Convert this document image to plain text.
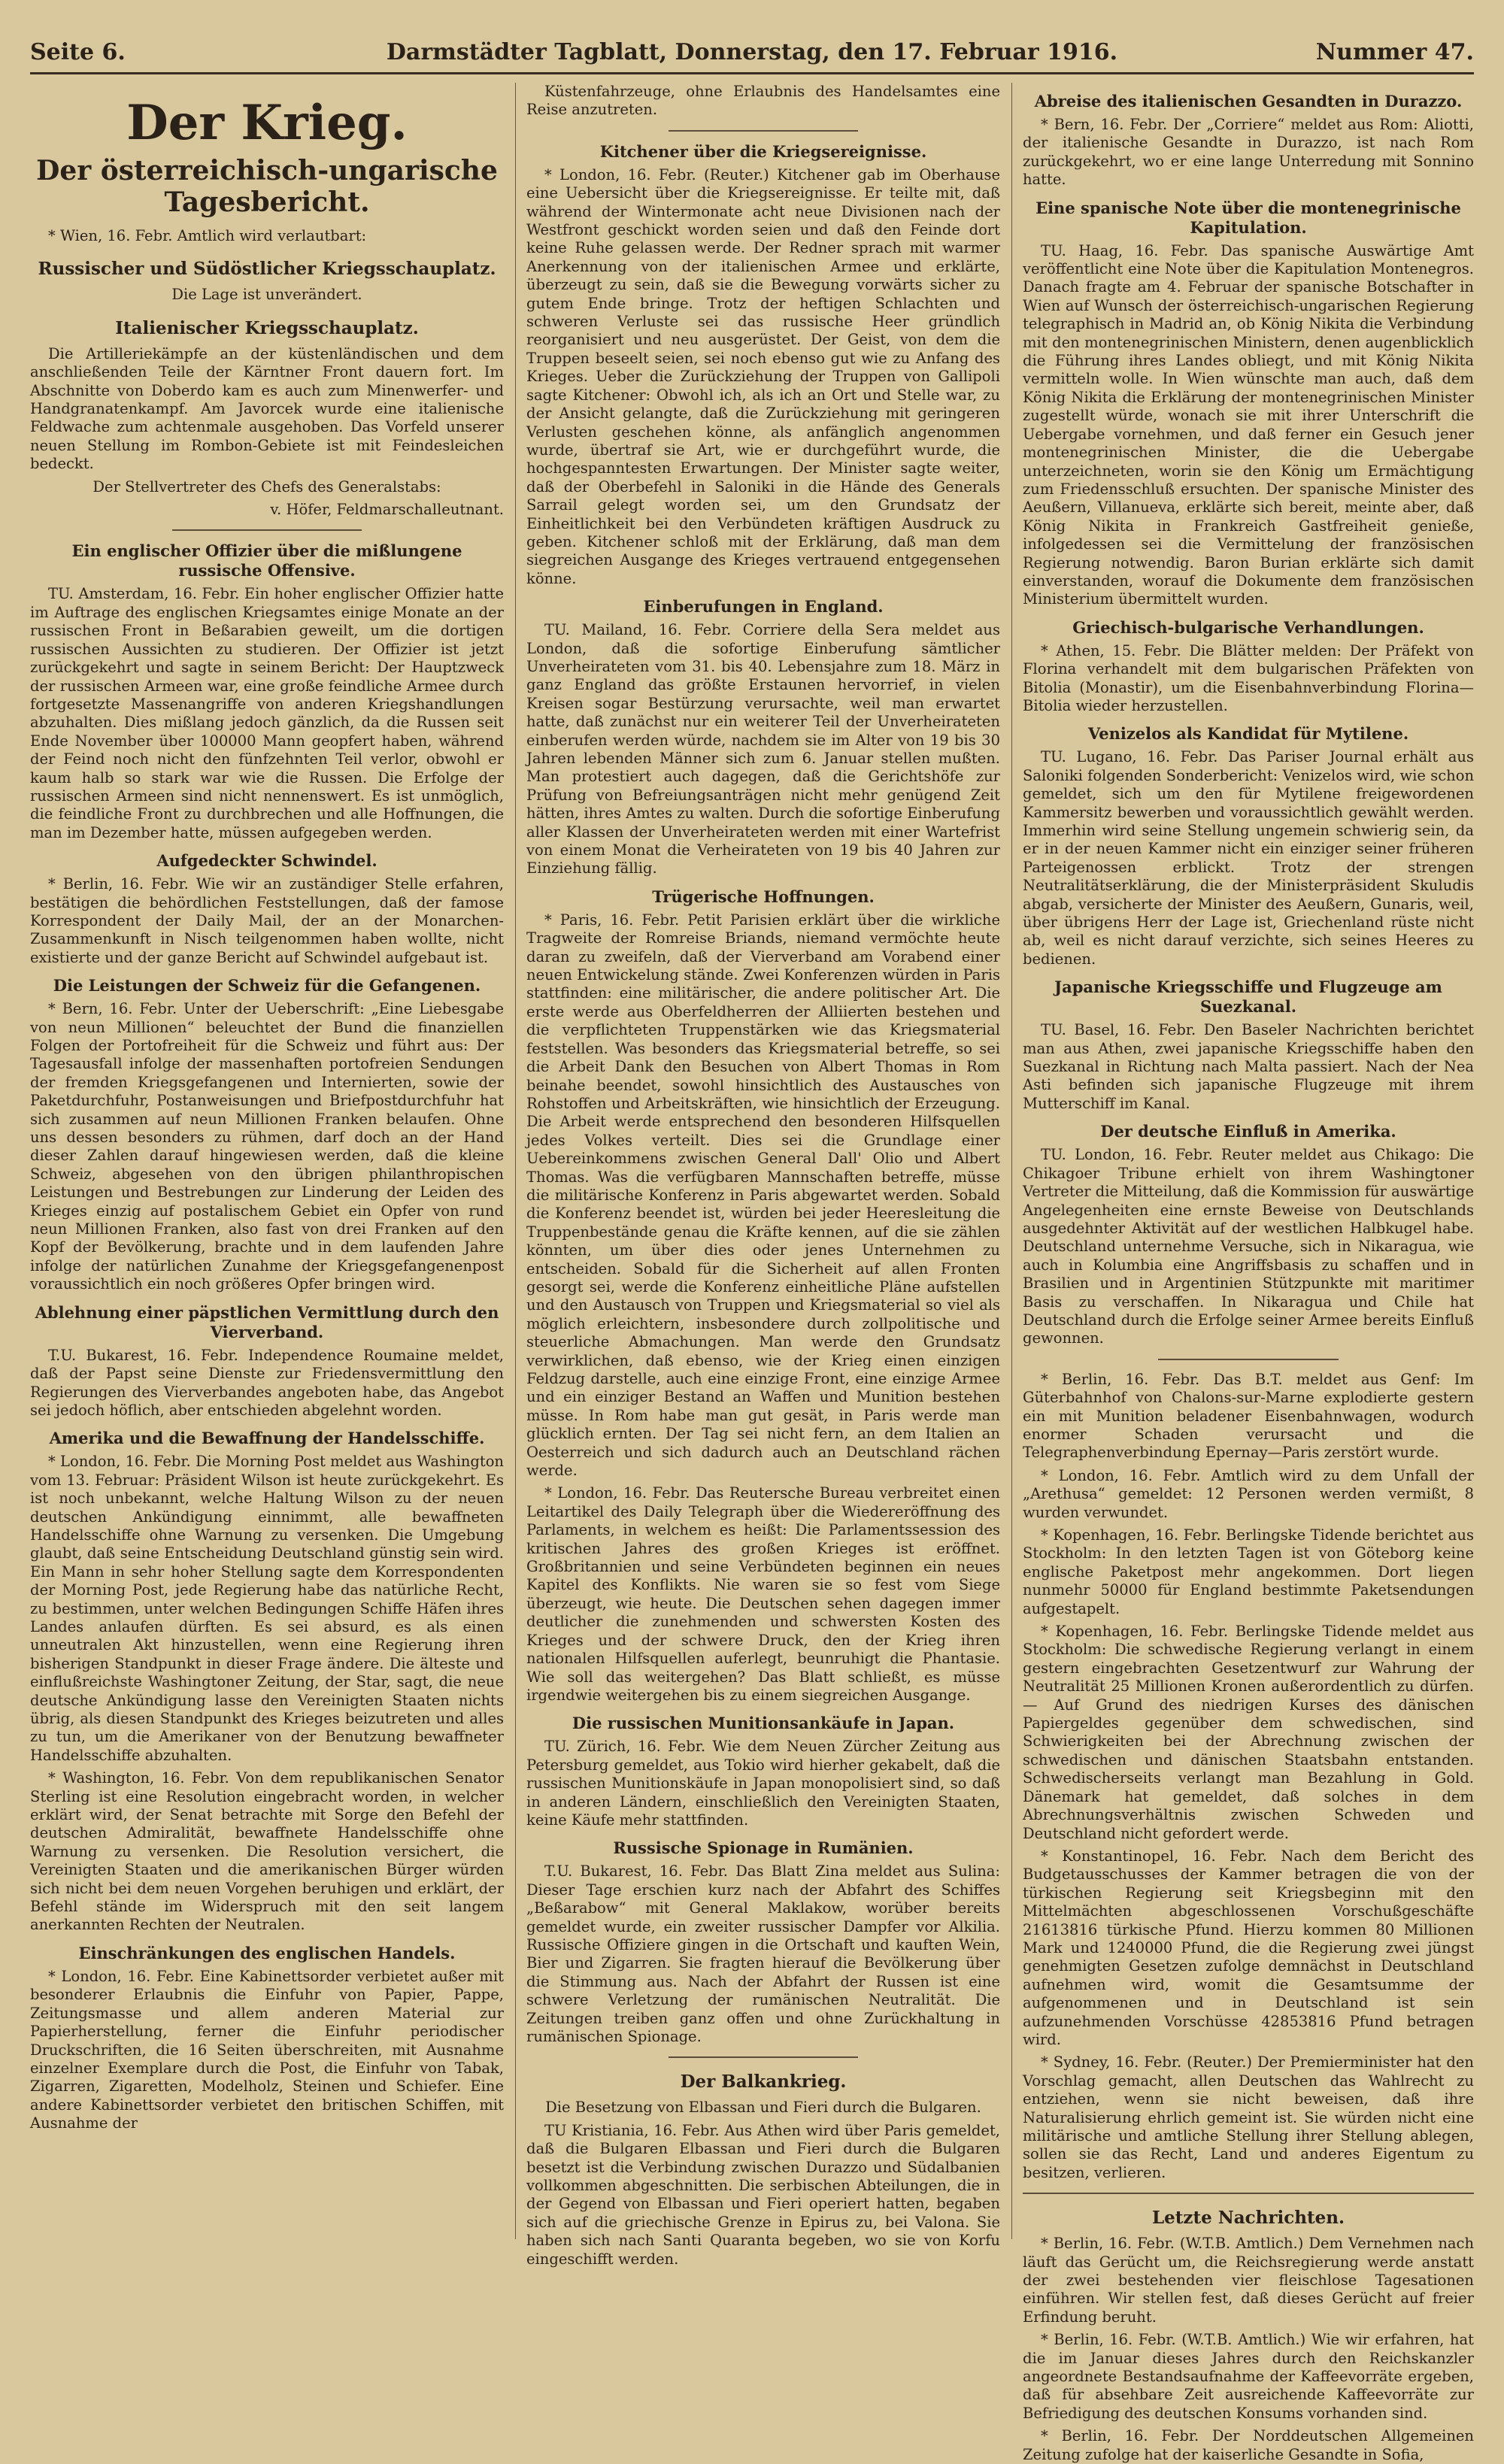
Seite 6.	Darmstädter Tagblatt, Donnerstag, den 17. Februar 1916.	Nummer 47.
Der Krieg.
Der österreichisch-ungarische Tagesbericht.

* Wien, 16. Febr. Amtlich wird verlautbart:

Russischer und Südöstlicher Kriegsschauplatz.

Die Lage ist unverändert.

Italienischer Kriegsschauplatz.

Die Artilleriekämpfe an der küstenländischen und dem anschließenden Teile der Kärntner Front dauern fort. Im Abschnitte von Doberdo kam es auch zum Minenwerfer- und Handgranatenkampf. Am Javorcek wurde eine italienische Feldwache zum achtenmale ausgehoben. Das Vorfeld unserer neuen Stellung im Rombon-Gebiete ist mit Feindesleichen bedeckt.

Der Stellvertreter des Chefs des Generalstabs:

v. Höfer, Feldmarschalleutnant.

Ein englischer Offizier über die mißlungene russische Offensive.

TU. Amsterdam, 16. Febr. Ein hoher englischer Offizier hatte im Auftrage des englischen Kriegsamtes einige Monate an der russischen Front in Beßarabien geweilt, um die dortigen russischen Aussichten zu studieren. Der Offizier ist jetzt zurückgekehrt und sagte in seinem Bericht: Der Hauptzweck der russischen Armeen war, eine große feindliche Armee durch fortgesetzte Massenangriffe von anderen Kriegshandlungen abzuhalten. Dies mißlang jedoch gänzlich, da die Russen seit Ende November über 100000 Mann geopfert haben, während der Feind noch nicht den fünfzehnten Teil verlor, obwohl er kaum halb so stark war wie die Russen. Die Erfolge der russischen Armeen sind nicht nennenswert. Es ist unmöglich, die feindliche Front zu durchbrechen und alle Hoffnungen, die man im Dezember hatte, müssen aufgegeben werden.

Aufgedeckter Schwindel.

* Berlin, 16. Febr. Wie wir an zuständiger Stelle erfahren, bestätigen die behördlichen Feststellungen, daß der famose Korrespondent der Daily Mail, der an der Monarchen-Zusammenkunft in Nisch teilgenommen haben wollte, nicht existierte und der ganze Bericht auf Schwindel aufgebaut ist.

Die Leistungen der Schweiz für die Gefangenen.

* Bern, 16. Febr. Unter der Ueberschrift: „Eine Liebesgabe von neun Millionen“ beleuchtet der Bund die finanziellen Folgen der Portofreiheit für die Schweiz und führt aus: Der Tagesausfall infolge der massenhaften portofreien Sendungen der fremden Kriegsgefangenen und Internierten, sowie der Paketdurchfuhr, Postanweisungen und Briefpostdurchfuhr hat sich zusammen auf neun Millionen Franken belaufen. Ohne uns dessen besonders zu rühmen, darf doch an der Hand dieser Zahlen darauf hingewiesen werden, daß die kleine Schweiz, abgesehen von den übrigen philanthropischen Leistungen und Bestrebungen zur Linderung der Leiden des Krieges einzig auf postalischem Gebiet ein Opfer von rund neun Millionen Franken, also fast von drei Franken auf den Kopf der Bevölkerung, brachte und in dem laufenden Jahre infolge der natürlichen Zunahme der Kriegsgefangenenpost voraussichtlich ein noch größeres Opfer bringen wird.

Ablehnung einer päpstlichen Vermittlung durch den Vierverband.

T.U. Bukarest, 16. Febr. Independence Roumaine meldet, daß der Papst seine Dienste zur Friedensvermittlung den Regierungen des Vierverbandes angeboten habe, das Angebot sei jedoch höflich, aber entschieden abgelehnt worden.

Amerika und die Bewaffnung der Handelsschiffe.

* London, 16. Febr. Die Morning Post meldet aus Washington vom 13. Februar: Präsident Wilson ist heute zurückgekehrt. Es ist noch unbekannt, welche Haltung Wilson zu der neuen deutschen Ankündigung einnimmt, alle bewaffneten Handelsschiffe ohne Warnung zu versenken. Die Umgebung glaubt, daß seine Entscheidung Deutschland günstig sein wird. Ein Mann in sehr hoher Stellung sagte dem Korrespondenten der Morning Post, jede Regierung habe das natürliche Recht, zu bestimmen, unter welchen Bedingungen Schiffe Häfen ihres Landes anlaufen dürften. Es sei absurd, es als einen unneutralen Akt hinzustellen, wenn eine Regierung ihren bisherigen Standpunkt in dieser Frage ändere. Die älteste und einflußreichste Washingtoner Zeitung, der Star, sagt, die neue deutsche Ankündigung lasse den Vereinigten Staaten nichts übrig, als diesen Standpunkt des Krieges beizutreten und alles zu tun, um die Amerikaner von der Benutzung bewaffneter Handelsschiffe abzuhalten.

* Washington, 16. Febr. Von dem republikanischen Senator Sterling ist eine Resolution eingebracht worden, in welcher erklärt wird, der Senat betrachte mit Sorge den Befehl der deutschen Admiralität, bewaffnete Handelsschiffe ohne Warnung zu versenken. Die Resolution versichert, die Vereinigten Staaten und die amerikanischen Bürger würden sich nicht bei dem neuen Vorgehen beruhigen und erklärt, der Befehl stände im Widerspruch mit den seit langem anerkannten Rechten der Neutralen.

Einschränkungen des englischen Handels.

* London, 16. Febr. Eine Kabinettsorder verbietet außer mit besonderer Erlaubnis die Einfuhr von Papier, Pappe, Zeitungsmasse und allem anderen Material zur Papierherstellung, ferner die Einfuhr periodischer Druckschriften, die 16 Seiten überschreiten, mit Ausnahme einzelner Exemplare durch die Post, die Einfuhr von Tabak, Zigarren, Zigaretten, Modelholz, Steinen und Schiefer. Eine andere Kabinettsorder verbietet den britischen Schiffen, mit Ausnahme der

Küstenfahrzeuge, ohne Erlaubnis des Handelsamtes eine Reise anzutreten.

Kitchener über die Kriegsereignisse.

* London, 16. Febr. (Reuter.) Kitchener gab im Oberhause eine Uebersicht über die Kriegsereignisse. Er teilte mit, daß während der Wintermonate acht neue Divisionen nach der Westfront geschickt worden seien und daß den Feinde dort keine Ruhe gelassen werde. Der Redner sprach mit warmer Anerkennung von der italienischen Armee und erklärte, überzeugt zu sein, daß sie die Bewegung vorwärts sicher zu gutem Ende bringe. Trotz der heftigen Schlachten und schweren Verluste sei das russische Heer gründlich reorganisiert und neu ausgerüstet. Der Geist, von dem die Truppen beseelt seien, sei noch ebenso gut wie zu Anfang des Krieges. Ueber die Zurückziehung der Truppen von Gallipoli sagte Kitchener: Obwohl ich, als ich an Ort und Stelle war, zu der Ansicht gelangte, daß die Zurückziehung mit geringeren Verlusten geschehen könne, als anfänglich angenommen wurde, übertraf sie Art, wie er durchgeführt wurde, die hochgespanntesten Erwartungen. Der Minister sagte weiter, daß der Oberbefehl in Saloniki in die Hände des Generals Sarrail gelegt worden sei, um den Grundsatz der Einheitlichkeit bei den Verbündeten kräftigen Ausdruck zu geben. Kitchener schloß mit der Erklärung, daß man dem siegreichen Ausgange des Krieges vertrauend entgegensehen könne.

Einberufungen in England.

TU. Mailand, 16. Febr. Corriere della Sera meldet aus London, daß die sofortige Einberufung sämtlicher Unverheirateten vom 31. bis 40. Lebensjahre zum 18. März in ganz England das größte Erstaunen hervorrief, in vielen Kreisen sogar Bestürzung verursachte, weil man erwartet hatte, daß zunächst nur ein weiterer Teil der Unverheirateten einberufen werden würde, nachdem sie im Alter von 19 bis 30 Jahren lebenden Männer sich zum 6. Januar stellen mußten. Man protestiert auch dagegen, daß die Gerichtshöfe zur Prüfung von Befreiungsanträgen nicht mehr genügend Zeit hätten, ihres Amtes zu walten. Durch die sofortige Einberufung aller Klassen der Unverheirateten werden mit einer Wartefrist von einem Monat die Verheirateten von 19 bis 40 Jahren zur Einziehung fällig.

Trügerische Hoffnungen.

* Paris, 16. Febr. Petit Parisien erklärt über die wirkliche Tragweite der Romreise Briands, niemand vermöchte heute daran zu zweifeln, daß der Vierverband am Vorabend einer neuen Entwickelung stände. Zwei Konferenzen würden in Paris stattfinden: eine militärischer, die andere politischer Art. Die erste werde aus Oberfeldherren der Alliierten bestehen und die verpflichteten Truppenstärken wie das Kriegsmaterial feststellen. Was besonders das Kriegsmaterial betreffe, so sei die Arbeit Dank den Besuchen von Albert Thomas in Rom beinahe beendet, sowohl hinsichtlich des Austausches von Rohstoffen und Arbeitskräften, wie hinsichtlich der Erzeugung. Die Arbeit werde entsprechend den besonderen Hilfsquellen jedes Volkes verteilt. Dies sei die Grundlage einer Uebereinkommens zwischen General Dall' Olio und Albert Thomas. Was die verfügbaren Mannschaften betreffe, müsse die militärische Konferenz in Paris abgewartet werden. Sobald die Konferenz beendet ist, würden bei jeder Heeresleitung die Truppenbestände genau die Kräfte kennen, auf die sie zählen könnten, um über dies oder jenes Unternehmen zu entscheiden. Sobald für die Sicherheit auf allen Fronten gesorgt sei, werde die Konferenz einheitliche Pläne aufstellen und den Austausch von Truppen und Kriegsmaterial so viel als möglich erleichtern, insbesondere durch zollpolitische und steuerliche Abmachungen. Man werde den Grundsatz verwirklichen, daß ebenso, wie der Krieg einen einzigen Feldzug darstelle, auch eine einzige Front, eine einzige Armee und ein einziger Bestand an Waffen und Munition bestehen müsse. In Rom habe man gut gesät, in Paris werde man glücklich ernten. Der Tag sei nicht fern, an dem Italien an Oesterreich und sich dadurch auch an Deutschland rächen werde.

* London, 16. Febr. Das Reutersche Bureau verbreitet einen Leitartikel des Daily Telegraph über die Wiedereröffnung des Parlaments, in welchem es heißt: Die Parlamentssession des kritischen Jahres des großen Krieges ist eröffnet. Großbritannien und seine Verbündeten beginnen ein neues Kapitel des Konflikts. Nie waren sie so fest vom Siege überzeugt, wie heute. Die Deutschen sehen dagegen immer deutlicher die zunehmenden und schwersten Kosten des Krieges und der schwere Druck, den der Krieg ihren nationalen Hilfsquellen auferlegt, beunruhigt die Phantasie. Wie soll das weitergehen? Das Blatt schließt, es müsse irgendwie weitergehen bis zu einem siegreichen Ausgange.

Die russischen Munitionsankäufe in Japan.

TU. Zürich, 16. Febr. Wie dem Neuen Zürcher Zeitung aus Petersburg gemeldet, aus Tokio wird hierher gekabelt, daß die russischen Munitionskäufe in Japan monopolisiert sind, so daß in anderen Ländern, einschließlich den Vereinigten Staaten, keine Käufe mehr stattfinden.

Russische Spionage in Rumänien.

T.U. Bukarest, 16. Febr. Das Blatt Zina meldet aus Sulina: Dieser Tage erschien kurz nach der Abfahrt des Schiffes „Beßarabow“ mit General Maklakow, worüber bereits gemeldet wurde, ein zweiter russischer Dampfer vor Alkilia. Russische Offiziere gingen in die Ortschaft und kauften Wein, Bier und Zigarren. Sie fragten hierauf die Bevölkerung über die Stimmung aus. Nach der Abfahrt der Russen ist eine schwere Verletzung der rumänischen Neutralität. Die Zeitungen treiben ganz offen und ohne Zurückhaltung in rumänischen Spionage.

Der Balkankrieg.

Die Besetzung von Elbassan und Fieri durch die Bulgaren.

TU Kristiania, 16. Febr. Aus Athen wird über Paris gemeldet, daß die Bulgaren Elbassan und Fieri durch die Bulgaren besetzt ist die Verbindung zwischen Durazzo und Südalbanien vollkommen abgeschnitten. Die serbischen Abteilungen, die in der Gegend von Elbassan und Fieri operiert hatten, begaben sich auf die griechische Grenze in Epirus zu, bei Valona. Sie haben sich nach Santi Quaranta begeben, wo sie von Korfu eingeschifft werden.

Abreise des italienischen Gesandten in Durazzo.

* Bern, 16. Febr. Der „Corriere“ meldet aus Rom: Aliotti, der italienische Gesandte in Durazzo, ist nach Rom zurückgekehrt, wo er eine lange Unterredung mit Sonnino hatte.

Eine spanische Note über die montenegrinische Kapitulation.

TU. Haag, 16. Febr. Das spanische Auswärtige Amt veröffentlicht eine Note über die Kapitulation Montenegros. Danach fragte am 4. Februar der spanische Botschafter in Wien auf Wunsch der österreichisch-ungarischen Regierung telegraphisch in Madrid an, ob König Nikita die Verbindung mit den montenegrinischen Ministern, denen augenblicklich die Führung ihres Landes obliegt, und mit König Nikita vermitteln wolle. In Wien wünschte man auch, daß dem König Nikita die Erklärung der montenegrinischen Minister zugestellt würde, wonach sie mit ihrer Unterschrift die Uebergabe vornehmen, und daß ferner ein Gesuch jener montenegrinischen Minister, die die Uebergabe unterzeichneten, worin sie den König um Ermächtigung zum Friedensschluß ersuchten. Der spanische Minister des Aeußern, Villanueva, erklärte sich bereit, meinte aber, daß König Nikita in Frankreich Gastfreiheit genieße, infolgedessen sei die Vermittelung der französischen Regierung notwendig. Baron Burian erklärte sich damit einverstanden, worauf die Dokumente dem französischen Ministerium übermittelt wurden.

Griechisch-bulgarische Verhandlungen.

* Athen, 15. Febr. Die Blätter melden: Der Präfekt von Florina verhandelt mit dem bulgarischen Präfekten von Bitolia (Monastir), um die Eisenbahnverbindung Florina—Bitolia wieder herzustellen.

Venizelos als Kandidat für Mytilene.

TU. Lugano, 16. Febr. Das Pariser Journal erhält aus Saloniki folgenden Sonderbericht: Venizelos wird, wie schon gemeldet, sich um den für Mytilene freigewordenen Kammersitz bewerben und voraussichtlich gewählt werden. Immerhin wird seine Stellung ungemein schwierig sein, da er in der neuen Kammer nicht ein einziger seiner früheren Parteigenossen erblickt. Trotz der strengen Neutralitätserklärung, die der Ministerpräsident Skuludis abgab, versicherte der Minister des Aeußern, Gunaris, weil, über übrigens Herr der Lage ist, Griechenland rüste nicht ab, weil es nicht darauf verzichte, sich seines Heeres zu bedienen.

Japanische Kriegsschiffe und Flugzeuge am Suezkanal.

TU. Basel, 16. Febr. Den Baseler Nachrichten berichtet man aus Athen, zwei japanische Kriegsschiffe haben den Suezkanal in Richtung nach Malta passiert. Nach der Nea Asti befinden sich japanische Flugzeuge mit ihrem Mutterschiff im Kanal.

Der deutsche Einfluß in Amerika.

TU. London, 16. Febr. Reuter meldet aus Chikago: Die Chikagoer Tribune erhielt von ihrem Washingtoner Vertreter die Mitteilung, daß die Kommission für auswärtige Angelegenheiten eine ernste Beweise von Deutschlands ausgedehnter Aktivität auf der westlichen Halbkugel habe. Deutschland unternehme Versuche, sich in Nikaragua, wie auch in Kolumbia eine Angriffsbasis zu schaffen und in Brasilien und in Argentinien Stützpunkte mit maritimer Basis zu verschaffen. In Nikaragua und Chile hat Deutschland durch die Erfolge seiner Armee bereits Einfluß gewonnen.

* Berlin, 16. Febr. Das B.T. meldet aus Genf: Im Güterbahnhof von Chalons-sur-Marne explodierte gestern ein mit Munition beladener Eisenbahnwagen, wodurch enormer Schaden verursacht und die Telegraphenverbindung Epernay—Paris zerstört wurde.

* London, 16. Febr. Amtlich wird zu dem Unfall der „Arethusa“ gemeldet: 12 Personen werden vermißt, 8 wurden verwundet.

* Kopenhagen, 16. Febr. Berlingske Tidende berichtet aus Stockholm: In den letzten Tagen ist von Göteborg keine englische Paketpost mehr angekommen. Dort liegen nunmehr 50000 für England bestimmte Paketsendungen aufgestapelt.

* Kopenhagen, 16. Febr. Berlingske Tidende meldet aus Stockholm: Die schwedische Regierung verlangt in einem gestern eingebrachten Gesetzentwurf zur Wahrung der Neutralität 25 Millionen Kronen außerordentlich zu dürfen. — Auf Grund des niedrigen Kurses des dänischen Papiergeldes gegenüber dem schwedischen, sind Schwierigkeiten bei der Abrechnung zwischen der schwedischen und dänischen Staatsbahn entstanden. Schwedischerseits verlangt man Bezahlung in Gold. Dänemark hat gemeldet, daß solches in dem Abrechnungsverhältnis zwischen Schweden und Deutschland nicht gefordert werde.

* Konstantinopel, 16. Febr. Nach dem Bericht des Budgetausschusses der Kammer betragen die von der türkischen Regierung seit Kriegsbeginn mit den Mittelmächten abgeschlossenen Vorschußgeschäfte 21613816 türkische Pfund. Hierzu kommen 80 Millionen Mark und 1240000 Pfund, die die Regierung zwei jüngst genehmigten Gesetzen zufolge demnächst in Deutschland aufnehmen wird, womit die Gesamtsumme der aufgenommenen und in Deutschland ist sein aufzunehmenden Vorschüsse 42853816 Pfund betragen wird.

* Sydney, 16. Febr. (Reuter.) Der Premierminister hat den Vorschlag gemacht, allen Deutschen das Wahlrecht zu entziehen, wenn sie nicht beweisen, daß ihre Naturalisierung ehrlich gemeint ist. Sie würden nicht eine militärische und amtliche Stellung ihrer Stellung ablegen, sollen sie das Recht, Land und anderes Eigentum zu besitzen, verlieren.

Letzte Nachrichten.

* Berlin, 16. Febr. (W.T.B. Amtlich.) Dem Vernehmen nach läuft das Gerücht um, die Reichsregierung werde anstatt der zwei bestehenden vier fleischlose Tagesationen einführen. Wir stellen fest, daß dieses Gerücht auf freier Erfindung beruht.

* Berlin, 16. Febr. (W.T.B. Amtlich.) Wie wir erfahren, hat die im Januar dieses Jahres durch den Reichskanzler angeordnete Bestandsaufnahme der Kaffeevorräte ergeben, daß für absehbare Zeit ausreichende Kaffeevorräte zur Befriedigung des deutschen Konsums vorhanden sind.

* Berlin, 16. Febr. Der Norddeutschen Allgemeinen Zeitung zufolge hat der kaiserliche Gesandte in Sofia,
